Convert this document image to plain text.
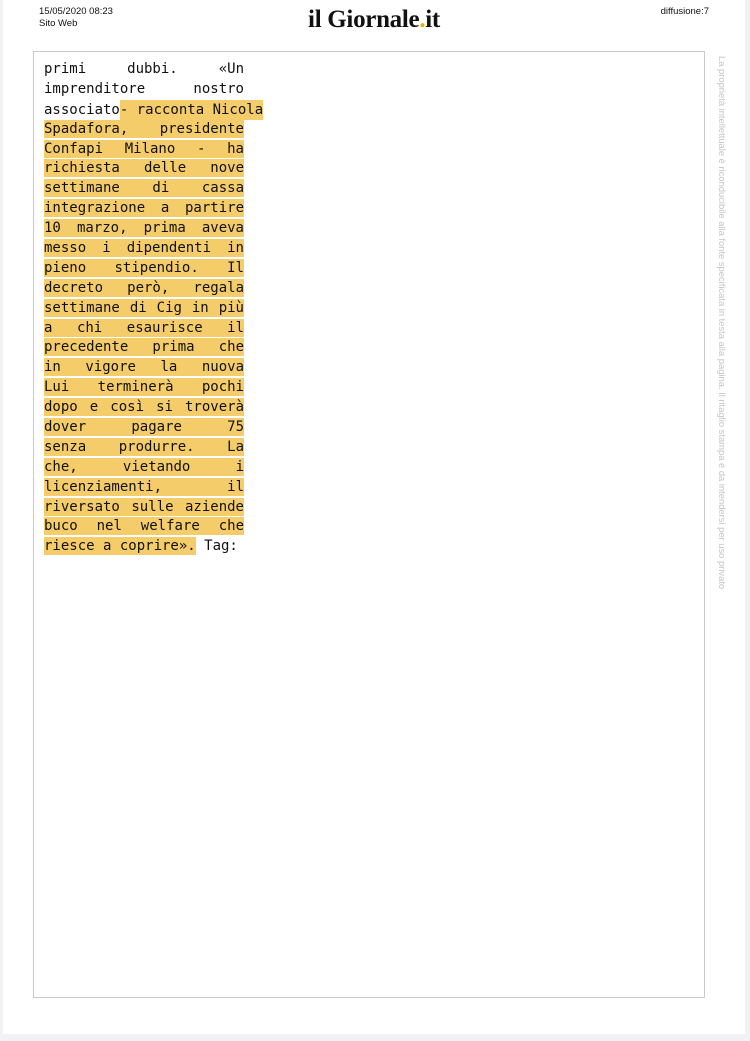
15/05/2020 08:23
Sito Web	il Giornale.it	diffusione:7
primi dubbi. «Un
imprenditore nostro
associato - racconta Nicola
Spadafora, presidente
Confapi Milano - ha
richiesta delle nove
settimane di cassa
integrazione a partire
10 marzo, prima aveva
messo i dipendenti in
pieno stipendio. Il
decreto però, regala
settimane di Cig in più
a chi esaurisce il
precedente prima che
in vigore la nuova
Lui terminerà pochi
dopo e così si troverà
dover pagare 75
senza produrre. La
che, vietando i
licenziamenti, il
riversato sulle aziende
buco nel welfare che
riesce a coprire». Tag:	La proprietà intellettuale è riconducibile alla fonte specificata in testa alla pagina. Il ritaglio stampa è da intendersi per uso privato
